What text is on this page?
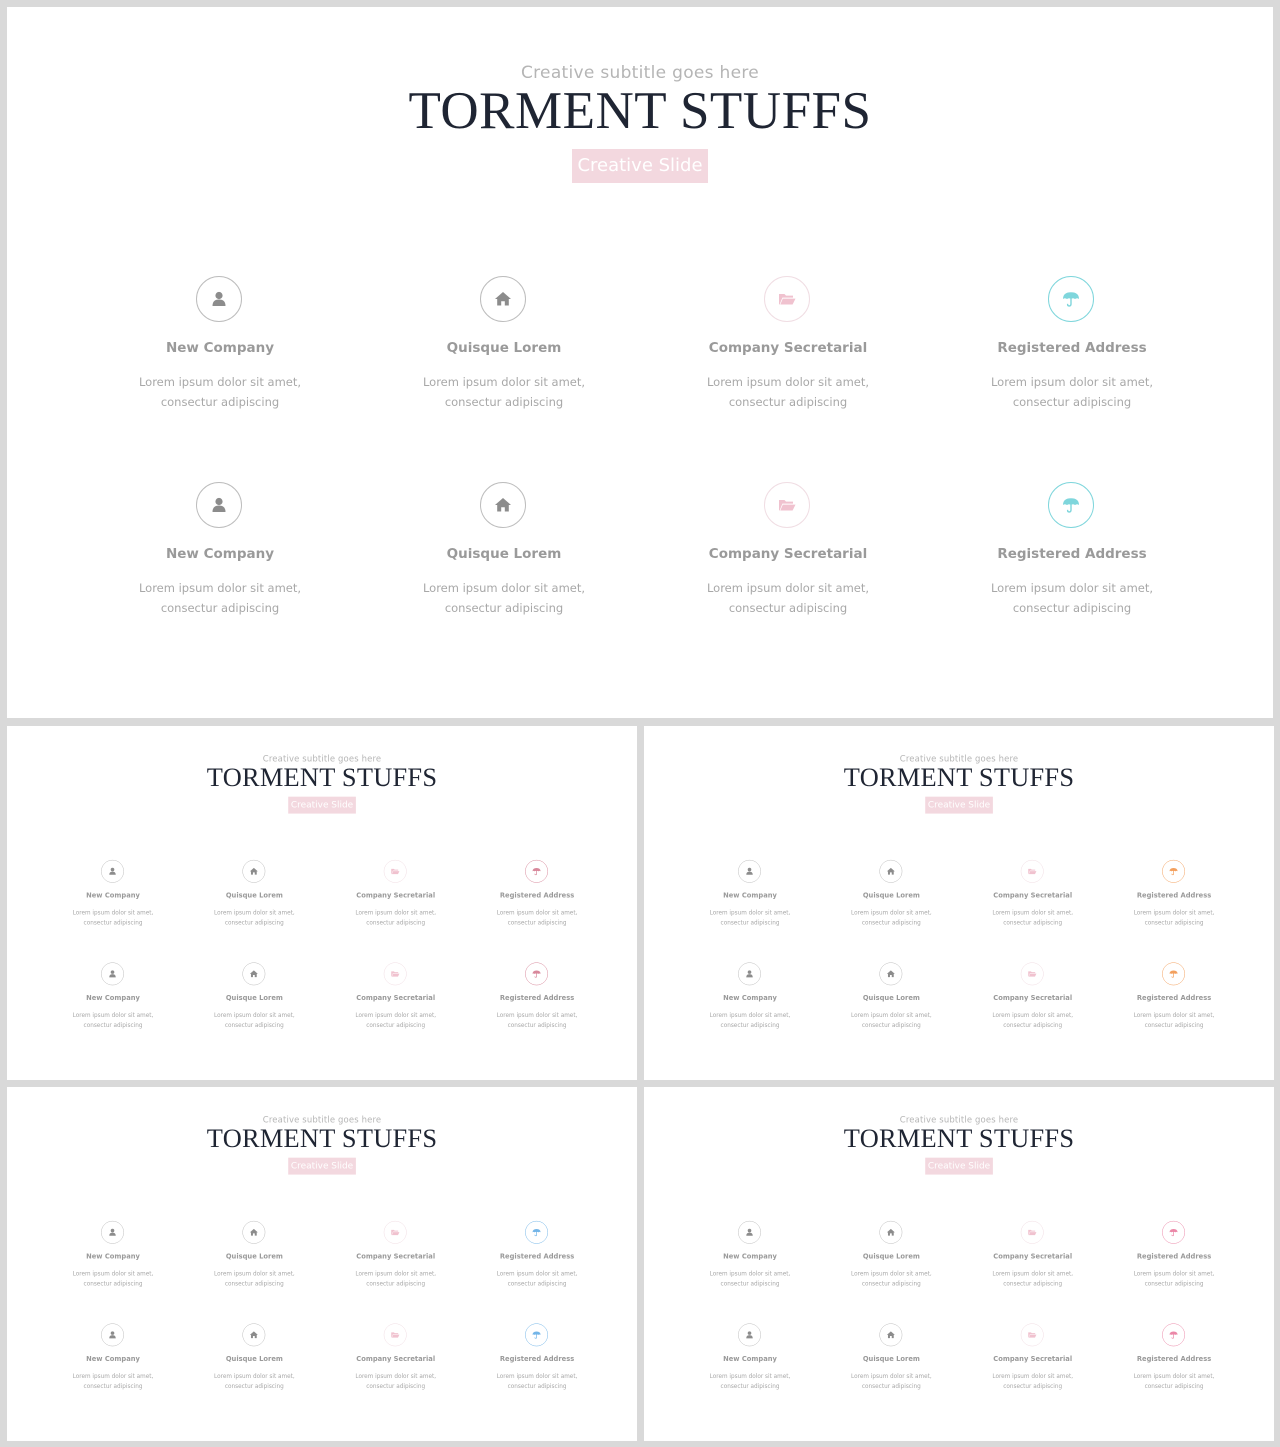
Creative subtitle goes here
TORMENT STUFFS
Creative Slide
New Company
Lorem ipsum dolor sit amet,
consectur adipiscing
Quisque Lorem
Lorem ipsum dolor sit amet,
consectur adipiscing
Company Secretarial
Lorem ipsum dolor sit amet,
consectur adipiscing
Registered Address
Lorem ipsum dolor sit amet,
consectur adipiscing
New Company
Lorem ipsum dolor sit amet,
consectur adipiscing
Quisque Lorem
Lorem ipsum dolor sit amet,
consectur adipiscing
Company Secretarial
Lorem ipsum dolor sit amet,
consectur adipiscing
Registered Address
Lorem ipsum dolor sit amet,
consectur adipiscing
Creative subtitle goes here
TORMENT STUFFS
Creative Slide
New Company
Lorem ipsum dolor sit amet,
consectur adipiscing
Quisque Lorem
Lorem ipsum dolor sit amet,
consectur adipiscing
Company Secretarial
Lorem ipsum dolor sit amet,
consectur adipiscing
Registered Address
Lorem ipsum dolor sit amet,
consectur adipiscing
New Company
Lorem ipsum dolor sit amet,
consectur adipiscing
Quisque Lorem
Lorem ipsum dolor sit amet,
consectur adipiscing
Company Secretarial
Lorem ipsum dolor sit amet,
consectur adipiscing
Registered Address
Lorem ipsum dolor sit amet,
consectur adipiscing
Creative subtitle goes here
TORMENT STUFFS
Creative Slide
New Company
Lorem ipsum dolor sit amet,
consectur adipiscing
Quisque Lorem
Lorem ipsum dolor sit amet,
consectur adipiscing
Company Secretarial
Lorem ipsum dolor sit amet,
consectur adipiscing
Registered Address
Lorem ipsum dolor sit amet,
consectur adipiscing
New Company
Lorem ipsum dolor sit amet,
consectur adipiscing
Quisque Lorem
Lorem ipsum dolor sit amet,
consectur adipiscing
Company Secretarial
Lorem ipsum dolor sit amet,
consectur adipiscing
Registered Address
Lorem ipsum dolor sit amet,
consectur adipiscing
Creative subtitle goes here
TORMENT STUFFS
Creative Slide
New Company
Lorem ipsum dolor sit amet,
consectur adipiscing
Quisque Lorem
Lorem ipsum dolor sit amet,
consectur adipiscing
Company Secretarial
Lorem ipsum dolor sit amet,
consectur adipiscing
Registered Address
Lorem ipsum dolor sit amet,
consectur adipiscing
New Company
Lorem ipsum dolor sit amet,
consectur adipiscing
Quisque Lorem
Lorem ipsum dolor sit amet,
consectur adipiscing
Company Secretarial
Lorem ipsum dolor sit amet,
consectur adipiscing
Registered Address
Lorem ipsum dolor sit amet,
consectur adipiscing
Creative subtitle goes here
TORMENT STUFFS
Creative Slide
New Company
Lorem ipsum dolor sit amet,
consectur adipiscing
Quisque Lorem
Lorem ipsum dolor sit amet,
consectur adipiscing
Company Secretarial
Lorem ipsum dolor sit amet,
consectur adipiscing
Registered Address
Lorem ipsum dolor sit amet,
consectur adipiscing
New Company
Lorem ipsum dolor sit amet,
consectur adipiscing
Quisque Lorem
Lorem ipsum dolor sit amet,
consectur adipiscing
Company Secretarial
Lorem ipsum dolor sit amet,
consectur adipiscing
Registered Address
Lorem ipsum dolor sit amet,
consectur adipiscing
